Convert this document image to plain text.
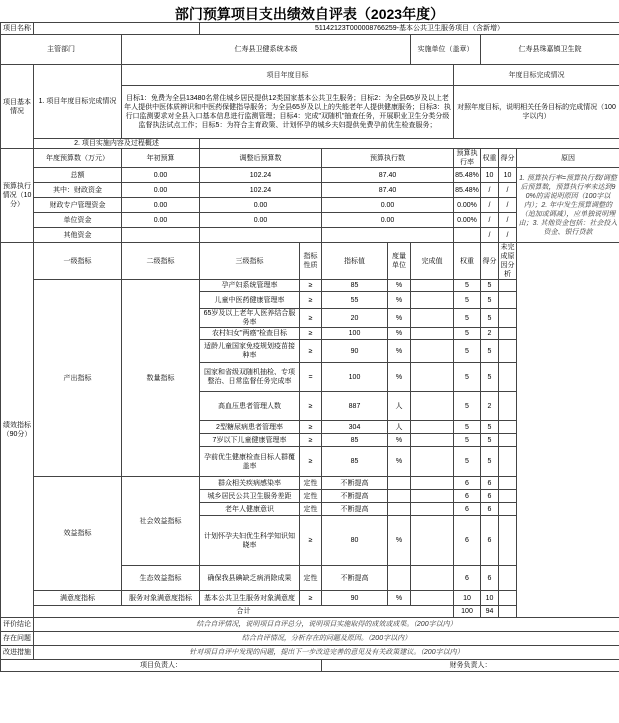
部门预算项目支出绩效自评表（2023年度）
项目名称			51142123T000008766259-基本公共卫生服务项目（含新增）								
主管部门		仁寿县卫健系统本级					实施单位（盖章）		仁寿县珠嘉镇卫生院		
项目基本情况	1. 项目年度目标完成情况	项目年度目标						年度目标完成情况			
		目标1：免费为全县13480名常住城乡居民提供12类国家基本公共卫生服务；目标2：为全县65岁及以上老年人提供中医体质辨识和中医药保健指导服务；为全县65岁及以上的失能老年人提供健康服务；目标3：执行口监测要求对全县入口基本信息进行监测管理；目标4：完成"双随机"抽查任务，开展职业卫生分类分级监督执法试点工作；目标5：为符合主育政策、计划怀孕的城乡夫妇提供免费孕前优生检查服务；						对照年度目标，说明相关任务目标的完成情况（100字以内）			
	2. 项目实施内容及过程概述										
预算执行情况（10分）	年度预算数（万元）	年初预算	调整后预算数		预算执行数			预算执行率	权重	得分	原因
	总额	0.00	102.24		87.40			85.48%	10	10	1. 预算执行率=预算执行数/调整后预算数，预算执行率未达到90%的需说明原因（100字以内）；2. 年中发生预算调整的（追加或调减），应单独说明理由；3. 其他资金包括：社会投入资金、银行贷款
	其中：财政资金	0.00	102.24		87.40			85.48%	/	/	
	财政专户管理资金	0.00	0.00		0.00			0.00%	/	/	
	单位资金	0.00	0.00		0.00			0.00%	/	/	
	其他资金								/	/	
绩效指标（90分）	一级指标	二级指标	三级指标	指标性质	指标值	度量单位	完成值	权重	得分	未完成原因分析	
	产出指标	数量指标	孕产妇系统管理率	≥	85	%		5	5		
			儿童中医药健康管理率	≥	55	%		5	5		
			65岁及以上老年人医养结合服务率	≥	20	%		5	5		
			农村妇女"两癌"检查目标	≥	100	%		5	2		
			适龄儿童国家免疫规划疫苗接种率	≥	90	%		5	5		
			国家和省级双随机抽检、专项整治、日常监督任务完成率	=	100	%		5	5		
			高血压患者管理人数	≥	887	人		5	2		
			2型糖尿病患者管理率	≥	304	人		5	5		
			7岁以下儿童健康管理率	≥	85	%		5	5		
			孕前优生健康检查目标人群覆盖率	≥	85	%		5	5		
	效益指标	社会效益指标	群众相关疾病感染率	定性	不断提高			6	6		
			城乡居民公共卫生服务差距	定性	不断提高			6	6		
			老年人健康意识	定性	不断提高			6	6		
			计划怀孕夫妇优生科学知识知晓率	≥	80	%		6	6		
		生态效益指标	确保我县碘缺乏病消除成果	定性	不断提高			6	6		
	满意度指标	服务对象满意度指标	基本公共卫生服务对象满意度	≥	90	%		10	10		
	合计							100	94		
评价结论	结合自评情况，说明项目自评总分，说明项目实施取得的成效或成果。（200字以内）										
存在问题	结合自评情况，分析存在的问题及原因。（200字以内）										
改进措施	针对项目自评中发现的问题，提出下一步改进完善的意见及有关政策建议。（200字以内）										
项目负责人：					财务负责人：						
